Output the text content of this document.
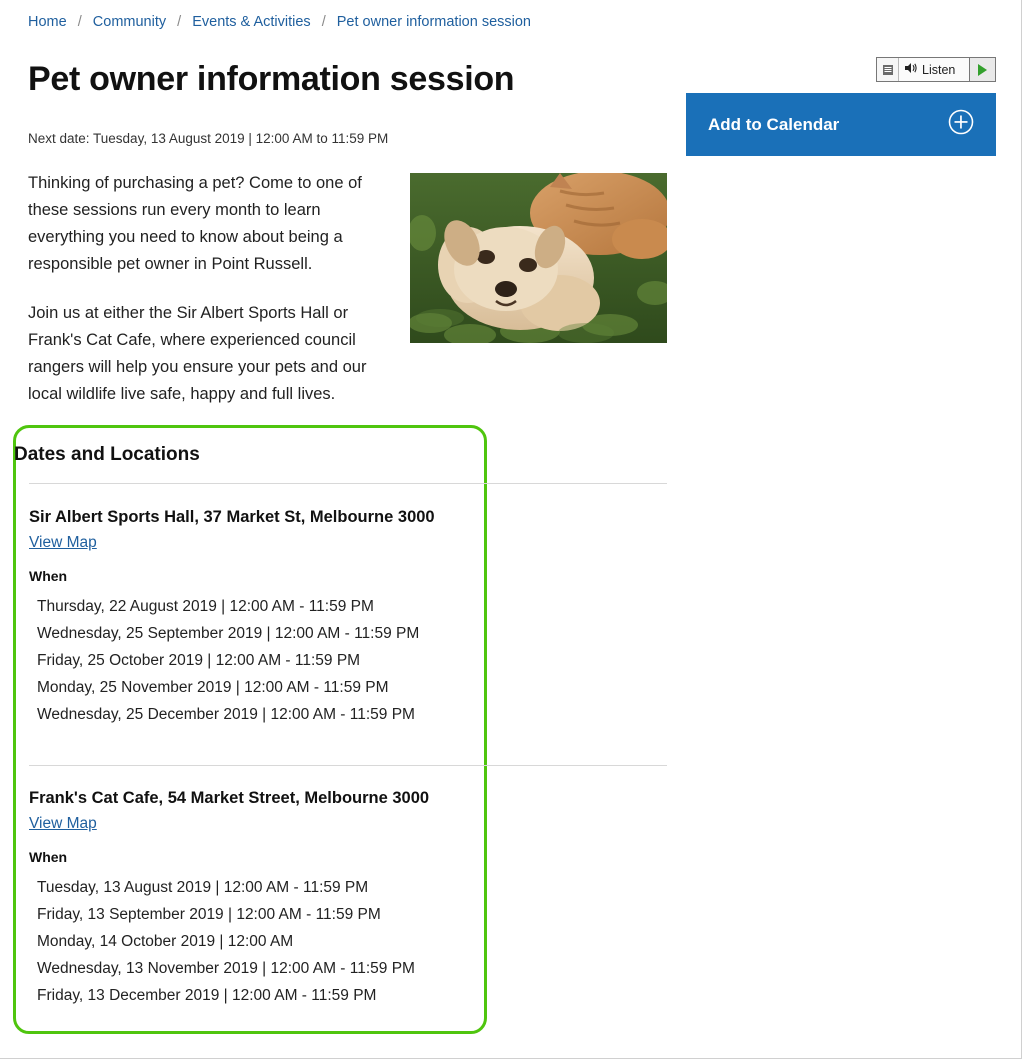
Home / Community / Events & Activities / Pet owner information session
Pet owner information session
Next date: Tuesday, 13 August 2019 | 12:00 AM to 11:59 PM
Listen
Add to Calendar

Thinking of purchasing a pet? Come to one of these sessions run every month to learn everything you need to know about being a responsible pet owner in Point Russell.

Join us at either the Sir Albert Sports Hall or Frank's Cat Cafe, where experienced council rangers will help you ensure your pets and our local wildlife live safe, happy and full lives.

Dates and Locations
Sir Albert Sports Hall, 37 Market St, Melbourne 3000
View Map
When
Thursday, 22 August 2019 | 12:00 AM - 11:59 PM
Wednesday, 25 September 2019 | 12:00 AM - 11:59 PM
Friday, 25 October 2019 | 12:00 AM - 11:59 PM
Monday, 25 November 2019 | 12:00 AM - 11:59 PM
Wednesday, 25 December 2019 | 12:00 AM - 11:59 PM
Frank's Cat Cafe, 54 Market Street, Melbourne 3000
View Map
When
Tuesday, 13 August 2019 | 12:00 AM - 11:59 PM
Friday, 13 September 2019 | 12:00 AM - 11:59 PM
Monday, 14 October 2019 | 12:00 AM
Wednesday, 13 November 2019 | 12:00 AM - 11:59 PM
Friday, 13 December 2019 | 12:00 AM - 11:59 PM
